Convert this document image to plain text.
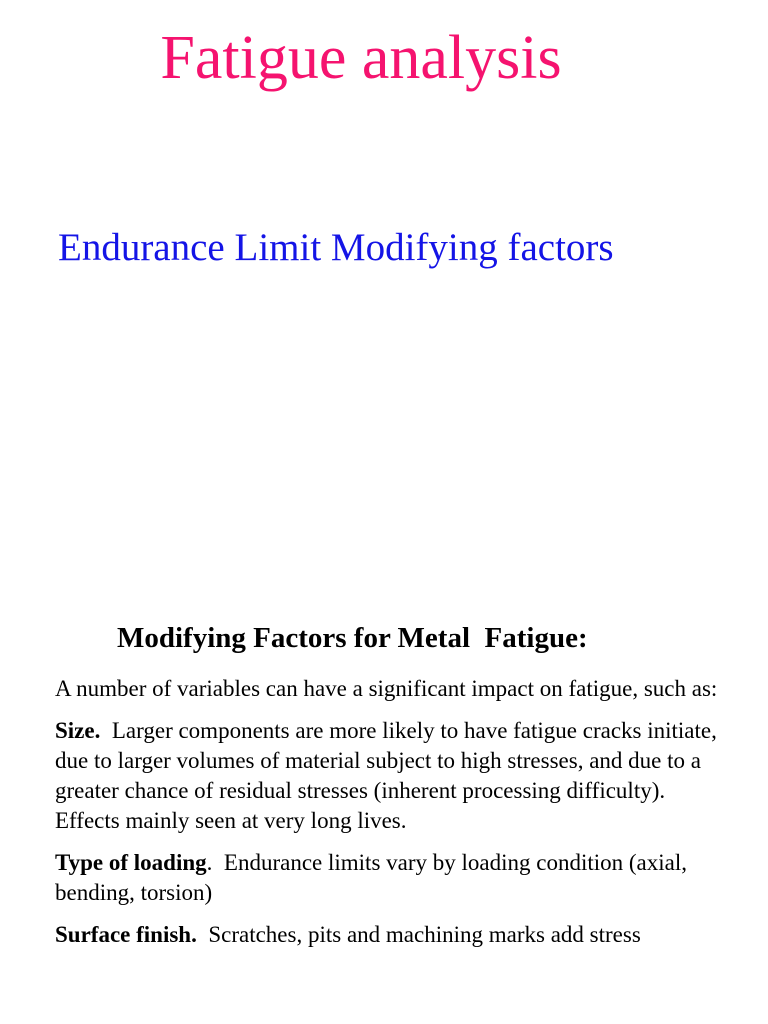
Fatigue analysis
Endurance Limit Modifying factors
Modifying Factors for Metal  Fatigue:

A number of variables can have a significant impact on fatigue, such as:

Size. Larger components are more likely to have fatigue cracks initiate, due to larger volumes of material subject to high stresses, and due to a greater chance of residual stresses (inherent processing difficulty).  Effects mainly seen at very long lives.

Type of loading.  Endurance limits vary by loading condition (axial, bending, torsion)

Surface finish. Scratches, pits and machining marks add stress
